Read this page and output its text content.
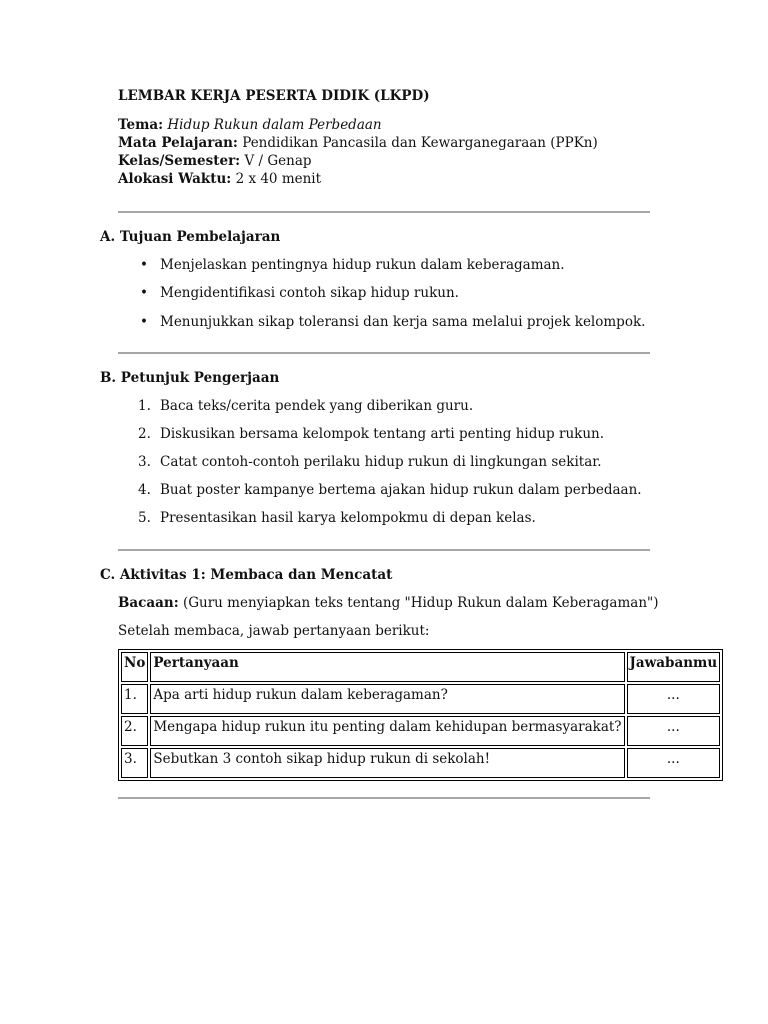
LEMBAR KERJA PESERTA DIDIK (LKPD)
Tema: Hidup Rukun dalam Perbedaan
Mata Pelajaran: Pendidikan Pancasila dan Kewarganegaraan (PPKn)
Kelas/Semester: V / Genap
Alokasi Waktu: 2 x 40 menit
A. Tujuan Pembelajaran
• Menjelaskan pentingnya hidup rukun dalam keberagaman.
• Mengidentifikasi contoh sikap hidup rukun.
• Menunjukkan sikap toleransi dan kerja sama melalui projek kelompok.
B. Petunjuk Pengerjaan
1. Baca teks/cerita pendek yang diberikan guru.
2. Diskusikan bersama kelompok tentang arti penting hidup rukun.
3. Catat contoh-contoh perilaku hidup rukun di lingkungan sekitar.
4. Buat poster kampanye bertema ajakan hidup rukun dalam perbedaan.
5. Presentasikan hasil karya kelompokmu di depan kelas.
C. Aktivitas 1: Membaca dan Mencatat
Bacaan: (Guru menyiapkan teks tentang "Hidup Rukun dalam Keberagaman")
Setelah membaca, jawab pertanyaan berikut:
No	Pertanyaan	Jawabanmu
1.	Apa arti hidup rukun dalam keberagaman?	...
2.	Mengapa hidup rukun itu penting dalam kehidupan bermasyarakat?	...
3.	Sebutkan 3 contoh sikap hidup rukun di sekolah!	...
